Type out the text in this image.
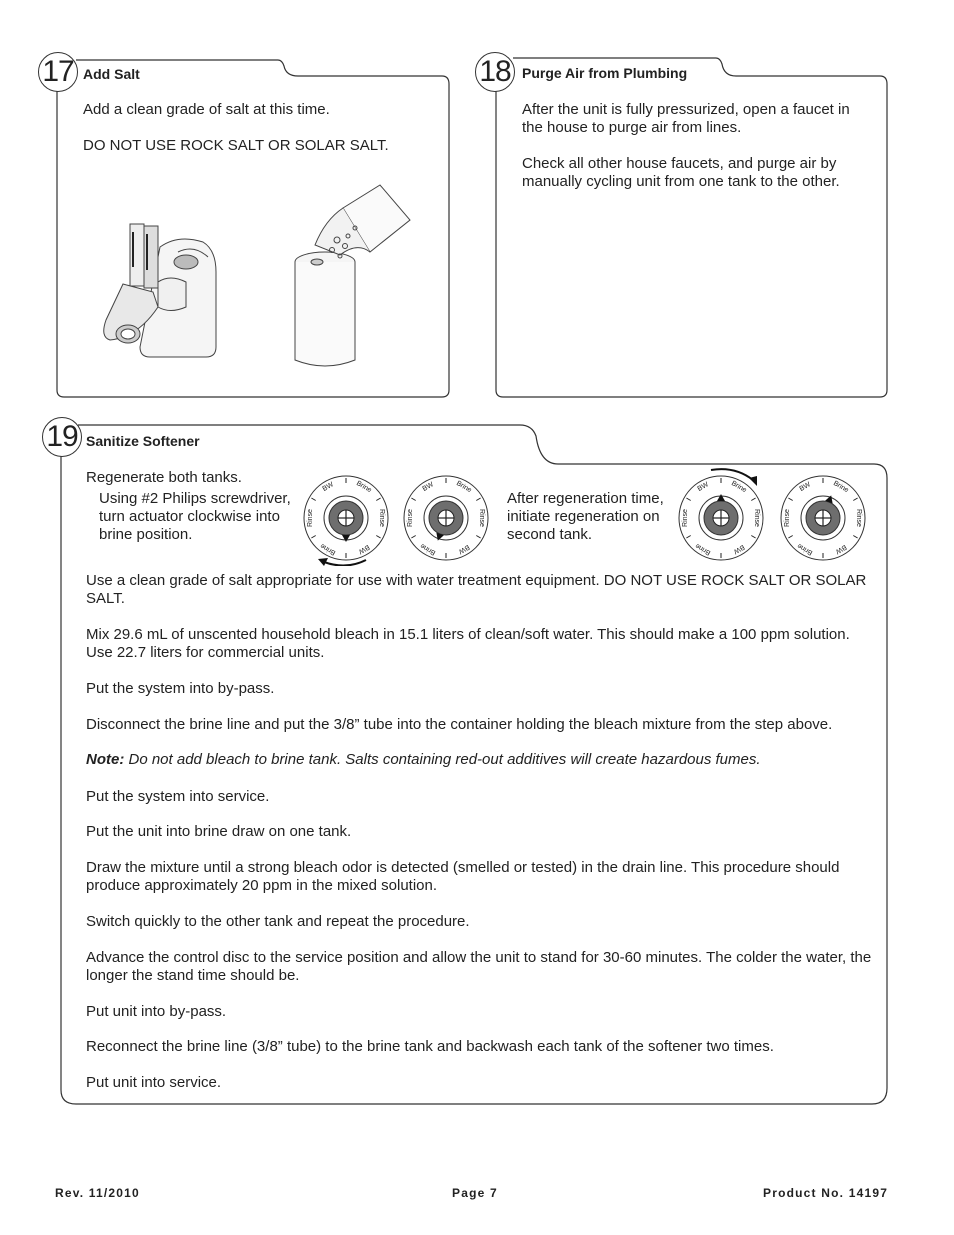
17 Add Salt
Add a clean grade of salt at this time.
DO NOT USE ROCK SALT OR SOLAR SALT.
18 Purge Air from Plumbing
After the unit is fully pressurized, open a faucet in the house to purge air from lines.
Check all other house faucets, and purge air by manually cycling unit from one tank to the other.
19 Sanitize Softener
Regenerate both tanks.
Using #2 Philips screwdriver, turn actuator clockwise into brine position.
After regeneration time, initiate regeneration on second tank.
BW	Brine
Rinse
BW
Brine
Rinse
BW	Brine
Rinse
BW
Brine
Rinse
BW	Brine
Rinse
BW
Brine
Rinse
BW	Brine
Rinse
BW
Brine
Rinse
Use a clean grade of salt appropriate for use with water treatment equipment. DO NOT USE ROCK SALT OR SOLAR SALT.
Mix 29.6 mL of unscented household bleach in 15.1 liters of clean/soft water. This should make a 100 ppm solution. Use 22.7 liters for commercial units.
Put the system into by-pass.
Disconnect the brine line and put the 3/8” tube into the container holding the bleach mixture from the step above.
Note: Do not add bleach to brine tank. Salts containing red-out additives will create hazardous fumes.
Put the system into service.
Put the unit into brine draw on one tank.
Draw the mixture until a strong bleach odor is detected (smelled or tested) in the drain line. This procedure should produce approximately 20 ppm in the mixed solution.
Switch quickly to the other tank and repeat the procedure.
Advance the control disc to the service position and allow the unit to stand for 30-60 minutes. The colder the water, the longer the stand time should be.
Put unit into by-pass.
Reconnect the brine line (3/8” tube) to the brine tank and backwash each tank of the softener two times.
Put unit into service.
Rev. 11/2010	Page 7	Product No. 14197
